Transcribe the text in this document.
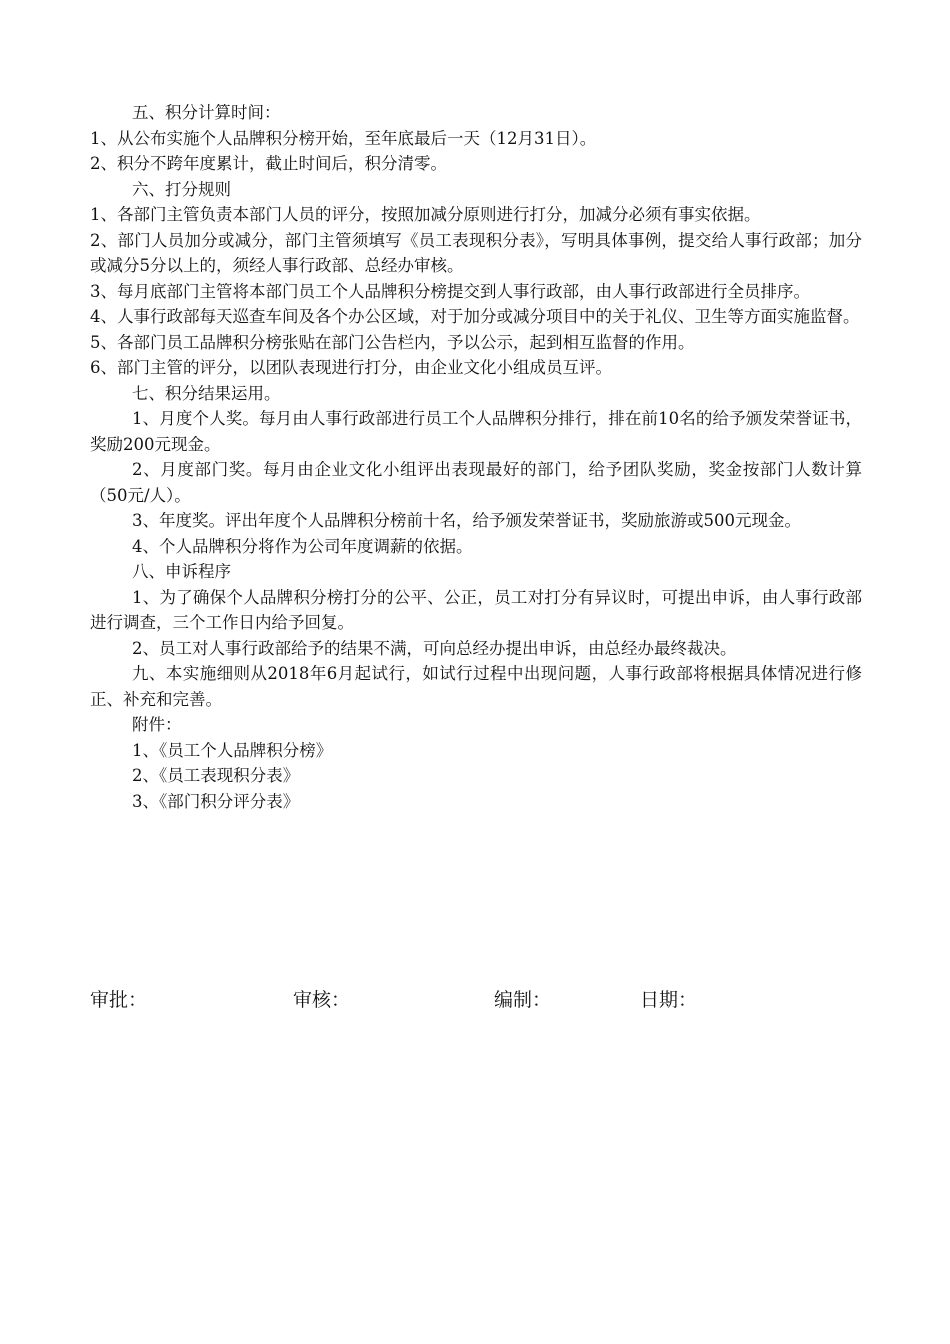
五、积分计算时间：

1、从公布实施个人品牌积分榜开始，至年底最后一天（12月31日）。

2、积分不跨年度累计，截止时间后，积分清零。

六、打分规则

1、各部门主管负责本部门人员的评分，按照加减分原则进行打分，加减分必须有事实依据。

2、部门人员加分或减分，部门主管须填写《员工表现积分表》，写明具体事例，提交给人事行政部；加分或减分5分以上的，须经人事行政部、总经办审核。

3、每月底部门主管将本部门员工个人品牌积分榜提交到人事行政部，由人事行政部进行全员排序。

4、人事行政部每天巡查车间及各个办公区域，对于加分或减分项目中的关于礼仪、卫生等方面实施监督。

5、各部门员工品牌积分榜张贴在部门公告栏内，予以公示，起到相互监督的作用。

6、部门主管的评分，以团队表现进行打分，由企业文化小组成员互评。

七、积分结果运用。

1、月度个人奖。每月由人事行政部进行员工个人品牌积分排行，排在前10名的给予颁发荣誉证书，奖励200元现金。

2、月度部门奖。每月由企业文化小组评出表现最好的部门，给予团队奖励，奖金按部门人数计算（50元/人）。

3、年度奖。评出年度个人品牌积分榜前十名，给予颁发荣誉证书，奖励旅游或500元现金。

4、个人品牌积分将作为公司年度调薪的依据。

八、申诉程序

1、为了确保个人品牌积分榜打分的公平、公正，员工对打分有异议时，可提出申诉，由人事行政部进行调查，三个工作日内给予回复。

2、员工对人事行政部给予的结果不满，可向总经办提出申诉，由总经办最终裁决。

九、本实施细则从2018年6月起试行，如试行过程中出现问题，人事行政部将根据具体情况进行修正、补充和完善。

附件：

1、《员工个人品牌积分榜》

2、《员工表现积分表》

3、《部门积分评分表》

审批：	审核：	编制：	日期：
